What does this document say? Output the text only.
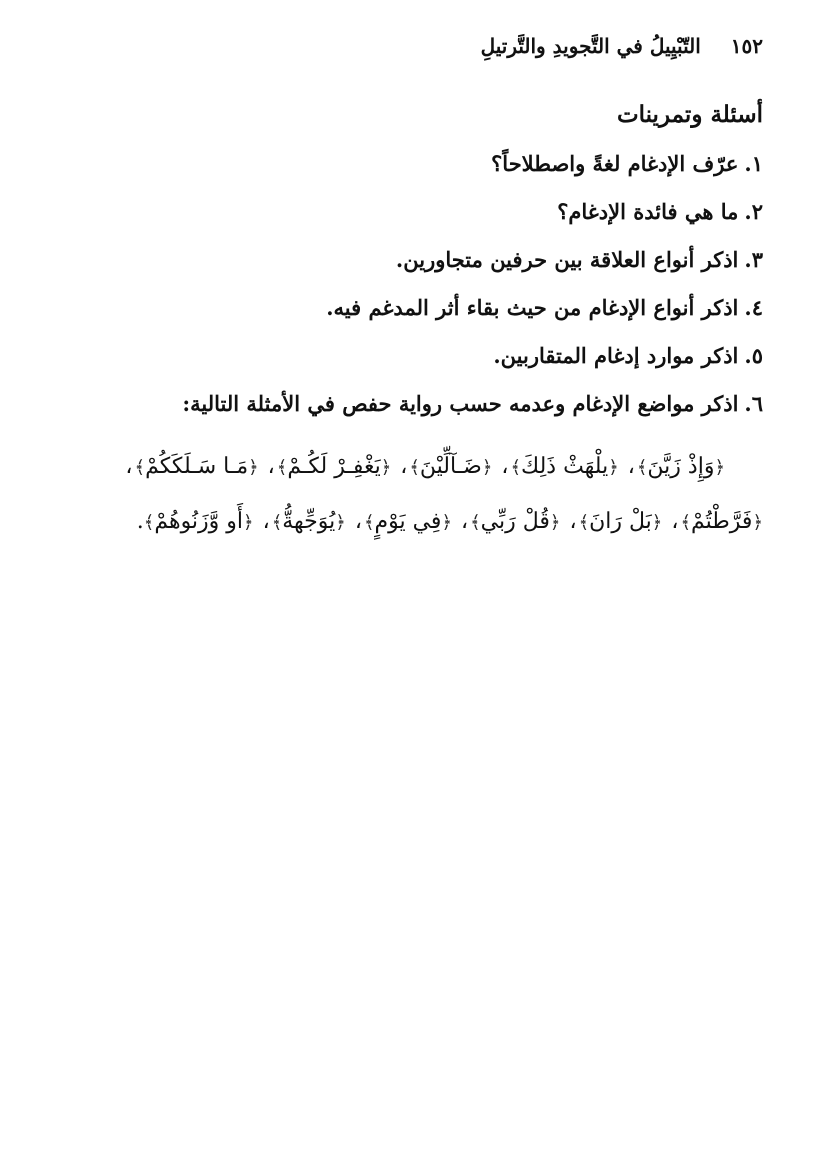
١٥٢
التّبْيِيلُ في التَّجويدِ والتَّرتيلِ
أسئلة وتمرينات
١.عرّف الإدغام لغةً واصطلاحاً؟
٢.ما هي فائدة الإدغام؟
٣.اذكر أنواع العلاقة بين حرفين متجاورين.
٤.اذكر أنواع الإدغام من حيث بقاء أثر المدغم فيه.
٥.اذكر موارد إدغام المتقاربين.
٦.اذكر مواضع الإدغام وعدمه حسب رواية حفص في الأمثلة التالية:
﴿وَإِذْ زَيَّنَ﴾، ﴿يلْهَثْ ذَلِكَ﴾، ﴿ضَـآلِّيْنَ﴾، ﴿يَغْفِـرْ لَكُـمْ﴾، ﴿مَـا سَـلَكَكُمْ﴾،
﴿فَرَّطْتُمْ﴾، ﴿بَلْ رَانَ﴾، ﴿قُلْ رَبِّي﴾، ﴿فِي يَوْمٍ﴾، ﴿يُوَجِّهةُّ﴾، ﴿أَو وَّزَنُوهُمْ﴾.
